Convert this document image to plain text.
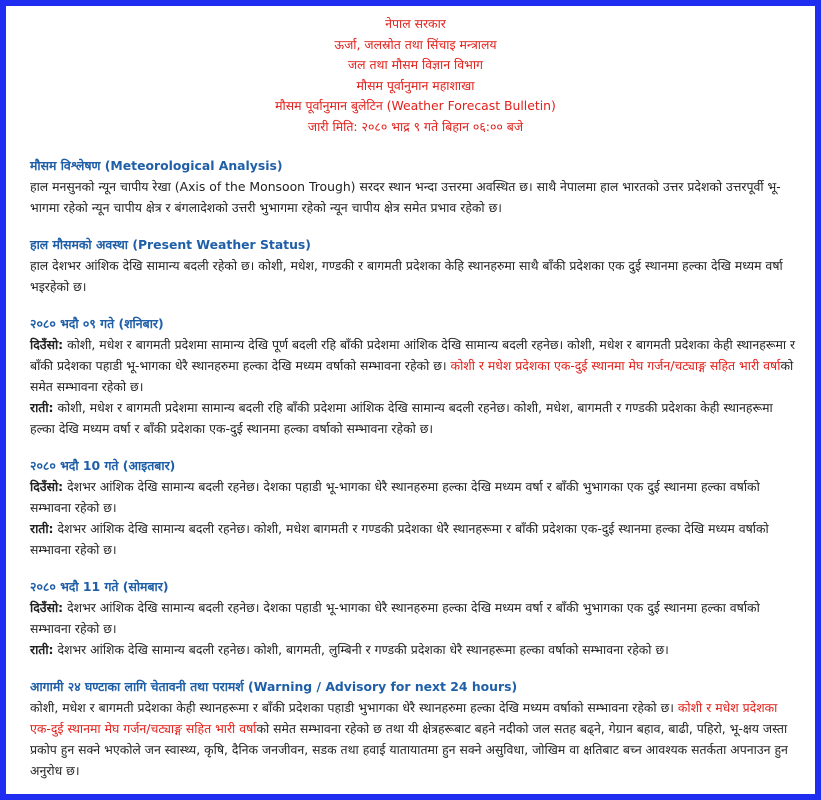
नेपाल सरकार
ऊर्जा, जलस्रोत तथा सिंचाइ मन्त्रालय
जल तथा मौसम विज्ञान विभाग
मौसम पूर्वानुमान महाशाखा
मौसम पूर्वानुमान बुलेटिन (Weather Forecast Bulletin)
जारी मिति: २०८० भाद्र ९ गते बिहान ०६:०० बजे
मौसम विश्लेषण (Meteorological Analysis)
हाल मनसुनको न्यून चापीय रेखा (Axis of the Monsoon Trough) सरदर स्थान भन्दा उत्तरमा अवस्थित छ। साथै नेपालमा हाल भारतको उत्तर प्रदेशको उत्तरपूर्वी भू-भागमा रहेको न्यून चापीय क्षेत्र र बंगलादेशको उत्तरी भुभागमा रहेको न्यून चापीय क्षेत्र समेत प्रभाव रहेको छ।
हाल मौसमको अवस्था (Present Weather Status)
हाल देशभर आंशिक देखि सामान्य बदली रहेको छ। कोशी, मधेश, गण्डकी र बागमती प्रदेशका केहि स्थानहरुमा साथै बाँकी प्रदेशका एक दुई स्थानमा हल्का देखि मध्यम वर्षा भइरहेको छ।
२०८० भदौ ०९ गते (शनिबार)
दिउँसो: कोशी, मधेश र बागमती प्रदेशमा सामान्य देखि पूर्ण बदली रहि बाँकी प्रदेशमा आंशिक देखि सामान्य बदली रहनेछ। कोशी, मधेश र बागमती प्रदेशका केही स्थानहरूमा र बाँकी प्रदेशका पहाडी भू-भागका धेरै स्थानहरुमा हल्का देखि मध्यम वर्षाको सम्भावना रहेको छ। कोशी र मधेश प्रदेशका एक-दुई स्थानमा मेघ गर्जन/चट्याङ्ग सहित भारी वर्षाको समेत सम्भावना रहेको छ।
राती: कोशी, मधेश र बागमती प्रदेशमा सामान्य बदली रहि बाँकी प्रदेशमा आंशिक देखि सामान्य बदली रहनेछ। कोशी, मधेश, बागमती र गण्डकी प्रदेशका केही स्थानहरूमा हल्का देखि मध्यम वर्षा र बाँकी प्रदेशका एक-दुई स्थानमा हल्का वर्षाको सम्भावना रहेको छ।
२०८० भदौ 10 गते (आइतबार)
दिउँसो: देशभर आंशिक देखि सामान्य बदली रहनेछ। देशका पहाडी भू-भागका धेरै स्थानहरुमा हल्का देखि मध्यम वर्षा र बाँकी भुभागका एक दुई स्थानमा हल्का वर्षाको सम्भावना रहेको छ।
राती: देशभर आंशिक देखि सामान्य बदली रहनेछ। कोशी, मधेश बागमती र गण्डकी प्रदेशका धेरै स्थानहरूमा र बाँकी प्रदेशका एक-दुई स्थानमा हल्का देखि मध्यम वर्षाको सम्भावना रहेको छ।
२०८० भदौ 11 गते (सोमबार)
दिउँसो: देशभर आंशिक देखि सामान्य बदली रहनेछ। देशका पहाडी भू-भागका धेरै स्थानहरुमा हल्का देखि मध्यम वर्षा र बाँकी भुभागका एक दुई स्थानमा हल्का वर्षाको सम्भावना रहेको छ।
राती: देशभर आंशिक देखि सामान्य बदली रहनेछ। कोशी, बागमती, लुम्बिनी र गण्डकी प्रदेशका धेरै स्थानहरूमा हल्का वर्षाको सम्भावना रहेको छ।
आगामी २४ घण्टाका लागि चेतावनी तथा परामर्श (Warning / Advisory for next 24 hours)
कोशी, मधेश र बागमती प्रदेशका केही स्थानहरूमा र बाँकी प्रदेशका पहाडी भुभागका धेरै स्थानहरुमा हल्का देखि मध्यम वर्षाको सम्भावना रहेको छ। कोशी र मधेश प्रदेशका एक-दुई स्थानमा मेघ गर्जन/चट्याङ्ग सहित भारी वर्षाको समेत सम्भावना रहेको छ तथा यी क्षेत्रहरूबाट बहने नदीको जल सतह बढ्ने, गेग्रान बहाव, बाढी, पहिरो, भू-क्षय जस्ता प्रकोप हुन सक्ने भएकोले जन स्वास्थ्य, कृषि, दैनिक जनजीवन, सडक तथा हवाई यातायातमा हुन सक्ने असुविधा, जोखिम वा क्षतिबाट बच्न आवश्यक सतर्कता अपनाउन हुन अनुरोध छ।
